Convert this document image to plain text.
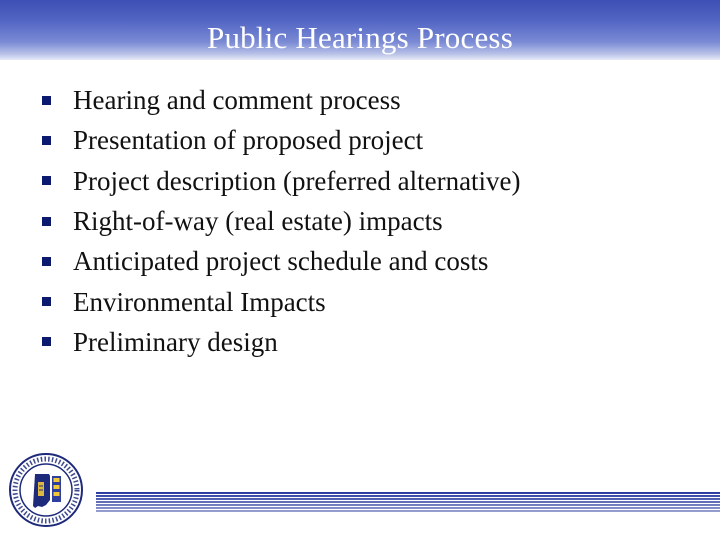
Public Hearings Process
Hearing and comment process
Presentation of proposed project
Project description (preferred alternative)
Right-of-way (real estate) impacts
Anticipated project schedule and costs
Environmental Impacts
Preliminary design
